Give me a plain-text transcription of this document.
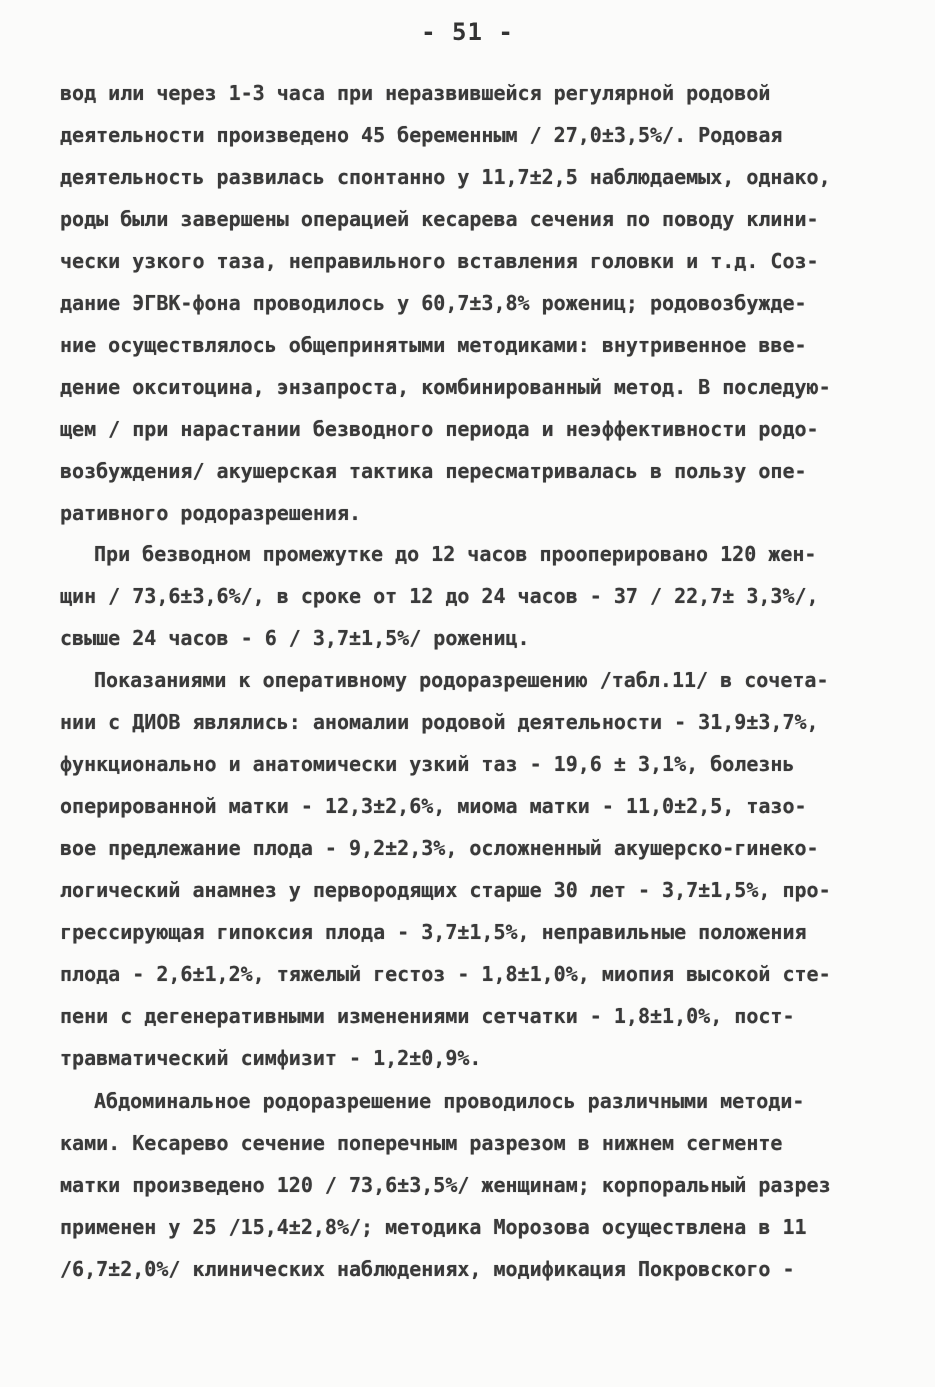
- 51 -
вод или через 1-3 часа при неразвившейся регулярной родовой
деятельности произведено 45 беременным / 27,0±3,5%/. Родовая
деятельность развилась спонтанно у 11,7±2,5 наблюдаемых, однако,
роды были завершены операцией кесарева сечения по поводу клини-
чески узкого таза, неправильного вставления головки и т.д. Соз-
дание ЭГВК-фона проводилось у 60,7±3,8% рожениц; родовозбужде-
ние осуществлялось общепринятыми методиками: внутривенное вве-
дение окситоцина, энзапроста, комбинированный метод. В последую-
щем / при нарастании безводного периода и неэффективности родо-
возбуждения/ акушерская тактика пересматривалась в пользу опе-
ративного родоразрешения.
При безводном промежутке до 12 часов прооперировано 120 жен-
щин / 73,6±3,6%/, в сроке от 12 до 24 часов - 37 / 22,7± 3,3%/,
свыше 24 часов - 6 / 3,7±1,5%/ рожениц.
Показаниями к оперативному родоразрешению /табл.11/ в сочета-
нии с ДИОВ являлись: аномалии родовой деятельности - 31,9±3,7%,
функционально и анатомически узкий таз - 19,6 ± 3,1%, болезнь
оперированной матки - 12,3±2,6%, миома матки - 11,0±2,5, тазо-
вое предлежание плода - 9,2±2,3%, осложненный акушерско-гинеко-
логический анамнез у первородящих старше 30 лет - 3,7±1,5%, про-
грессирующая гипоксия плода - 3,7±1,5%, неправильные положения
плода - 2,6±1,2%, тяжелый гестоз - 1,8±1,0%, миопия высокой сте-
пени с дегенеративными изменениями сетчатки - 1,8±1,0%, пост-
травматический симфизит - 1,2±0,9%.
Абдоминальное родоразрешение проводилось различными методи-
ками. Кесарево сечение поперечным разрезом в нижнем сегменте
матки произведено 120 / 73,6±3,5%/ женщинам; корпоральный разрез
применен у 25 /15,4±2,8%/; методика Морозова осуществлена в 11
/6,7±2,0%/ клинических наблюдениях, модификация Покровского -
